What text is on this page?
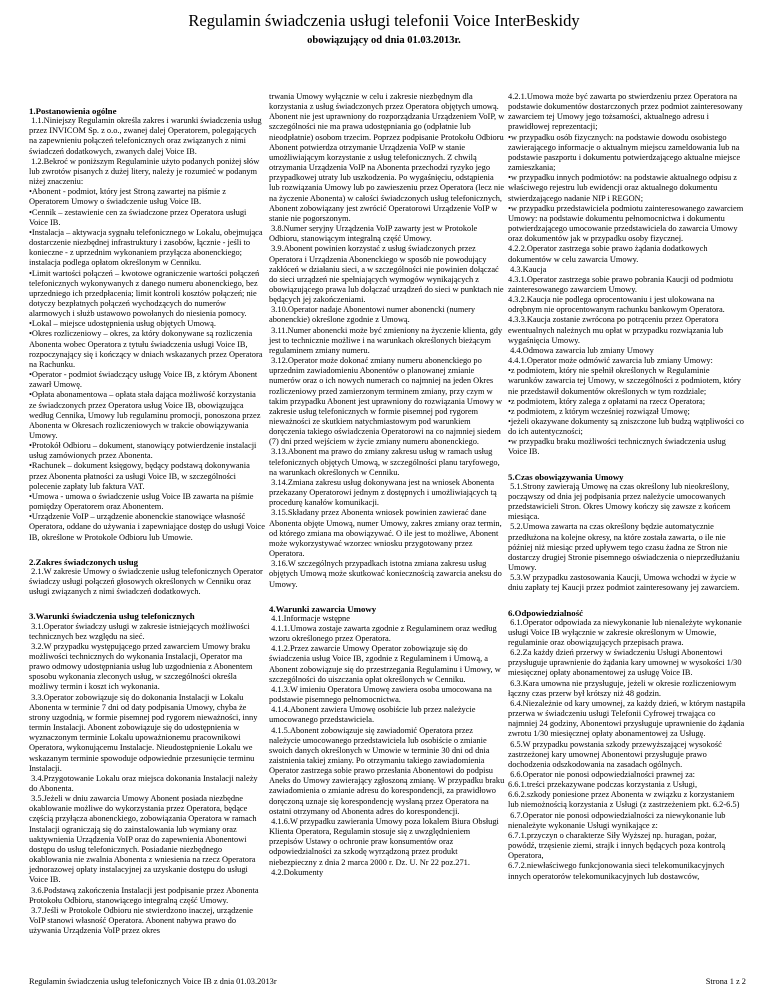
Regulamin świadczenia usługi telefonii Voice InterBeskidy
obowiązujący od dnia 01.03.2013r.

1.Postanowienia ogólne

1.1.Niniejszy Regulamin określa zakres i warunki świadczenia usług przez INVICOM Sp. z o.o., zwanej dalej Operatorem, polegających na zapewnieniu połączeń telefonicznych oraz związanych z nimi świadczeń dodatkowych, zwanych dalej Voice IB.

1.2.Bekroć w poniższym Regulaminie użyto podanych poniżej słów lub zwrotów pisanych z dużej litery, należy je rozumieć w podanym niżej znaczeniu:

•Abonent - podmiot, który jest Stroną zawartej na piśmie z Operatorem Umowy o świadczenie usług Voice IB.

•Cennik – zestawienie cen za świadczone przez Operatora usługi Voice IB.

•Instalacja – aktywacja sygnału telefonicznego w Lokalu, obejmująca dostarczenie niezbędnej infrastruktury i zasobów, łącznie - jeśli to konieczne - z uprzednim wykonaniem przyłącza abonenckiego; instalacja podlega opłatom określonym w Cenniku.

•Limit wartości połączeń – kwotowe ograniczenie wartości połączeń telefonicznych wykonywanych z danego numeru abonenckiego, bez uprzedniego ich przedpłacenia; limit kontroli kosztów połączeń; nie dotyczy bezpłatnych połączeń wychodzących do numerów alarmowych i służb ustawowo powołanych do niesienia pomocy.

•Lokal – miejsce udostępnienia usług objętych Umową.

•Okres rozliczeniowy – okres, za który dokonywane są rozliczenia Abonenta wobec Operatora z tytułu świadczenia usługi Voice IB, rozpoczynający się i kończący w dniach wskazanych przez Operatora na Rachunku.

•Operator - podmiot świadczący usługę Voice IB, z którym Abonent zawarł Umowę.

•Opłata abonamentowa – opłata stała dająca możliwość korzystania ze świadczonych przez Operatora usług Voice IB, obowiązująca według Cennika, Umowy lub regulaminu promocji, ponoszona przez Abonenta w Okresach rozliczeniowych w trakcie obowiązywania Umowy.

•Protokół Odbioru – dokument, stanowiący potwierdzenie instalacji usług zamówionych przez Abonenta.

•Rachunek – dokument księgowy, będący podstawą dokonywania przez Abonenta płatności za usługi Voice IB, w szczególności polecenie zapłaty lub faktura VAT.

•Umowa - umowa o świadczenie usług Voice IB zawarta na piśmie pomiędzy Operatorem oraz Abonentem.

•Urządzenie VoIP – urządzenie abonenckie stanowiące własność Operatora, oddane do używania i zapewniające dostęp do usługi Voice IB, określone w Protokole Odbioru lub Umowie.

2.Zakres świadczonych usług

2.1.W zakresie Umowy o świadczenie usług telefonicznych Operator świadczy usługi połączeń głosowych określonych w Cenniku oraz usługi związanych z nimi świadczeń dodatkowych.

3.Warunki świadczenia usług telefonicznych

3.1.Operator świadczy usługi w zakresie istniejących możliwości technicznych bez względu na sieć.

3.2.W przypadku występującego przed zawarciem Umowy braku możliwości technicznych do wykonania Instalacji, Operator ma prawo odmowy udostępniania usług lub uzgodnienia z Abonentem sposobu wykonania zleconych usług, w szczególności określa możliwy termin i koszt ich wykonania.

3.3.Operator zobowiązuje się do dokonania Instalacji w Lokalu Abonenta w terminie 7 dni od daty podpisania Umowy, chyba że strony uzgodnią, w formie pisemnej pod rygorem nieważności, inny termin Instalacji. Abonent zobowiązuje się do udostępnienia w wyznaczonym terminie Lokalu upoważnionemu pracownikowi Operatora, wykonującemu Instalacje. Nieudostępnienie Lokalu we wskazanym terminie spowoduje odpowiednie przesunięcie terminu Instalacji.

3.4.Przygotowanie Lokalu oraz miejsca dokonania Instalacji należy do Abonenta.

3.5.Jeżeli w dniu zawarcia Umowy Abonent posiada niezbędne okablowanie możliwe do wykorzystania przez Operatora, będące częścią przyłącza abonenckiego, zobowiązania Operatora w ramach Instalacji ograniczają się do zainstalowania lub wymiany oraz uaktywnienia Urządzenia VoIP oraz do zapewnienia Abonentowi dostępu do usług telefonicznych. Posiadanie niezbędnego okablowania nie zwalnia Abonenta z wniesienia na rzecz Operatora jednorazowej opłaty instalacyjnej za uzyskanie dostępu do usługi Voice IB.

3.6.Podstawą zakończenia Instalacji jest podpisanie przez Abonenta Protokołu Odbioru, stanowiącego integralną część Umowy.

3.7.Jeśli w Protokole Odbioru nie stwierdzono inaczej, urządzenie VoIP stanowi własność Operatora. Abonent nabywa prawo do używania Urządzenia VoIP przez okres

trwania Umowy wyłącznie w celu i zakresie niezbędnym dla korzystania z usług świadczonych przez Operatora objętych umową. Abonent nie jest uprawniony do rozporządzania Urządzeniem VoIP, w szczególności nie ma prawa udostępniania go (odpłatnie lub nieodpłatnie) osobom trzecim. Poprzez podpisanie Protokołu Odbioru Abonent potwierdza otrzymanie Urządzenia VoIP w stanie umożliwiającym korzystanie z usług telefonicznych. Z chwilą otrzymania Urządzenia VoIP na Abonenta przechodzi ryzyko jego przypadkowej utraty lub uszkodzenia. Po wygaśnięciu, odstąpienia lub rozwiązania Umowy lub po zawieszeniu przez Operatora (lecz nie na życzenie Abonenta) w całości świadczonych usług telefonicznych, Abonent zobowiązany jest zwrócić Operatorowi Urządzenie VoIP w stanie nie pogorszonym.

3.8.Numer seryjny Urządzenia VoIP zawarty jest w Protokole Odbioru, stanowiącym integralną część Umowy.

3.9.Abonent powinien korzystać z usług świadczonych przez Operatora i Urządzenia Abonenckiego w sposób nie powodujący zakłóceń w działaniu sieci, a w szczególności nie powinien dołączać do sieci urządzeń nie spełniających wymogów wynikających z obowiązującego prawa lub dołączać urządzeń do sieci w punktach nie będących jej zakończeniami.

3.10.Operator nadaje Abonentowi numer abonencki (numery abonenckie) określone zgodnie z Umową.

3.11.Numer abonencki może być zmieniony na życzenie klienta, gdy jest to technicznie możliwe i na warunkach określonych bieżącym regulaminem zmiany numeru.

3.12.Operator może dokonać zmiany numeru abonenckiego po uprzednim zawiadomieniu Abonentów o planowanej zmianie numerów oraz o ich nowych numerach co najmniej na jeden Okres rozliczeniowy przed zamierzonym terminem zmiany, przy czym w takim przypadku Abonent jest uprawniony do rozwiązania Umowy w zakresie usług telefonicznych w formie pisemnej pod rygorem nieważności ze skutkiem natychmiastowym pod warunkiem doręczenia takiego oświadczenia Operatorowi na co najmniej siedem (7) dni przed wejściem w życie zmiany numeru abonenckiego.

3.13.Abonent ma prawo do zmiany zakresu usług w ramach usług telefonicznych objętych Umową, w szczególności planu taryfowego, na warunkach określonych w Cenniku.

3.14.Zmiana zakresu usług dokonywana jest na wniosek Abonenta przekazany Operatorowi jednym z dostępnych i umożliwiających tą procedurę kanałów komunikacji.

3.15.Składany przez Abonenta wniosek powinien zawierać dane Abonenta objęte Umową, numer Umowy, zakres zmiany oraz termin, od którego zmiana ma obowiązywać. O ile jest to możliwe, Abonent może wykorzystywać wzorzec wniosku przygotowany przez Operatora.

3.16.W szczególnych przypadkach istotna zmiana zakresu usług objętych Umową może skutkować koniecznością zawarcia aneksu do Umowy.

4.Warunki zawarcia Umowy

4.1.Informacje wstępne

4.1.1.Umowa zostaje zawarta zgodnie z Regulaminem oraz według wzoru określonego przez Operatora.

4.1.2.Przez zawarcie Umowy Operator zobowiązuje się do świadczenia usług Voice IB, zgodnie z Regulaminem i Umową, a Abonent zobowiązuje się do przestrzegania Regulaminu i Umowy, w szczególności do uiszczania opłat określonych w Cenniku.

4.1.3.W imieniu Operatora Umowę zawiera osoba umocowana na podstawie pisemnego pełnomocnictwa.

4.1.4.Abonent zawiera Umowę osobiście lub przez należycie umocowanego przedstawiciela.

4.1.5.Abonent zobowiązuje się zawiadomić Operatora przez należycie umocowanego przedstawiciela lub osobiście o zmianie swoich danych określonych w Umowie w terminie 30 dni od dnia zaistnienia takiej zmiany. Po otrzymaniu takiego zawiadomienia Operator zastrzega sobie prawo przesłania Abonentowi do podpisu Aneks do Umowy zawierający zgłoszoną zmianę. W przypadku braku zawiadomienia o zmianie adresu do korespondencji, za prawidłowo doręczoną uznaje się korespondencję wysłaną przez Operatora na ostatni otrzymany od Abonenta adres do korespondencji.

4.1.6.W przypadku zawierania Umowy poza lokalem Biura Obsługi Klienta Operatora, Regulamin stosuje się z uwzględnieniem przepisów Ustawy o ochronie praw konsumentów oraz odpowiedzialności za szkodę wyrządzoną przez produkt niebezpieczny z dnia 2 marca 2000 r. Dz. U. Nr 22 poz.271.

4.2.Dokumenty

4.2.1.Umowa może być zawarta po stwierdzeniu przez Operatora na podstawie dokumentów dostarczonych przez podmiot zainteresowany zawarciem tej Umowy jego tożsamości, aktualnego adresu i prawidłowej reprezentacji;

•w przypadku osób fizycznych: na podstawie dowodu osobistego zawierającego informacje o aktualnym miejscu zameldowania lub na podstawie paszportu i dokumentu potwierdzającego aktualne miejsce zamieszkania;

•w przypadku innych podmiotów: na podstawie aktualnego odpisu z właściwego rejestru lub ewidencji oraz aktualnego dokumentu stwierdzającego nadanie NIP i REGON;

•w przypadku przedstawiciela podmiotu zainteresowanego zawarciem Umowy: na podstawie dokumentu pełnomocnictwa i dokumentu potwierdzającego umocowanie przedstawiciela do zawarcia Umowy oraz dokumentów jak w przypadku osoby fizycznej.

4.2.2.Operator zastrzega sobie prawo żądania dodatkowych dokumentów w celu zawarcia Umowy.

4.3.Kaucja

4.3.1.Operator zastrzega sobie prawo pobrania Kaucji od podmiotu zainteresowanego zawarciem Umowy.

4.3.2.Kaucja nie podlega oprocentowaniu i jest ulokowana na odrębnym nie oprocentowanym rachunku bankowym Operatora.

4.3.3.Kaucja zostanie zwrócona po potrąceniu przez Operatora ewentualnych należnych mu opłat w przypadku rozwiązania lub wygaśnięcia Umowy.

4.4.Odmowa zawarcia lub zmiany Umowy

4.4.1.Operator może odmówić zawarcia lub zmiany Umowy:

•z podmiotem, który nie spełnił określonych w Regulaminie warunków zawarcia tej Umowy, w szczególności z podmiotem, który nie przedstawił dokumentów określonych w tym rozdziale;

•z podmiotem, który zalega z opłatami na rzecz Operatora;

•z podmiotem, z którym wcześniej rozwiązał Umowę;

•jeżeli okazywane dokumenty są zniszczone lub budzą wątpliwości co do ich autentyczności;

•w przypadku braku możliwości technicznych świadczenia usług Voice IB.

5.Czas obowiązywania Umowy

5.1.Strony zawierają Umowę na czas określony lub nieokreślony, począwszy od dnia jej podpisania przez należycie umocowanych przedstawicieli Stron. Okres Umowy kończy się zawsze z końcem miesiąca.

5.2.Umowa zawarta na czas określony będzie automatycznie przedłużona na kolejne okresy, na które została zawarta, o ile nie później niż miesiąc przed upływem tego czasu żadna ze Stron nie dostarczy drugiej Stronie pisemnego oświadczenia o nieprzedłużaniu Umowy.

5.3.W przypadku zastosowania Kaucji, Umowa wchodzi w życie w dniu zapłaty tej Kaucji przez podmiot zainteresowany jej zawarciem.

6.Odpowiedzialność

6.1.Operator odpowiada za niewykonanie lub nienależyte wykonanie usługi Voice IB wyłącznie w zakresie określonym w Umowie, regulaminie oraz obowiązujących przepisach prawa.

6.2.Za każdy dzień przerwy w świadczeniu Usługi Abonentowi przysługuje uprawnienie do żądania kary umownej w wysokości 1/30 miesięcznej opłaty abonamentowej za usługę Voice IB.

6.3.Kara umowna nie przysługuje, jeżeli w okresie rozliczeniowym łączny czas przerw był krótszy niż 48 godzin.

6.4.Niezależnie od kary umownej, za każdy dzień, w którym nastąpiła przerwa w świadczeniu usługi Telefonii Cyfrowej trwająca co najmniej 24 godziny, Abonentowi przysługuje uprawnienie do żądania zwrotu 1/30 miesięcznej opłaty abonamentowej za Usługę.

6.5.W przypadku powstania szkody przewyższającej wysokość zastrzeżonej kary umownej Abonentowi przysługuje prawo dochodzenia odszkodowania na zasadach ogólnych.

6.6.Operator nie ponosi odpowiedzialności prawnej za:

6.6.1.treści przekazywane podczas korzystania z Usługi,

6.6.2.szkody poniesione przez Abonenta w związku z korzystaniem lub niemożnością korzystania z Usługi (z zastrzeżeniem pkt. 6.2-6.5)

6.7.Operator nie ponosi odpowiedzialności za niewykonanie lub nienależyte wykonanie Usługi wynikające z:

6.7.1.przyczyn o charakterze Siły Wyższej np. huragan, pożar, powódź, trzęsienie ziemi, strajk i innych będących poza kontrolą Operatora,

6.7.2.niewłaściwego funkcjonowania sieci telekomunikacyjnych innych operatorów telekomunikacyjnych lub dostawców,

Regulamin świadczenia usług telefonicznych Voice IB z dnia 01.03.2013r	Strona 1 z 2
